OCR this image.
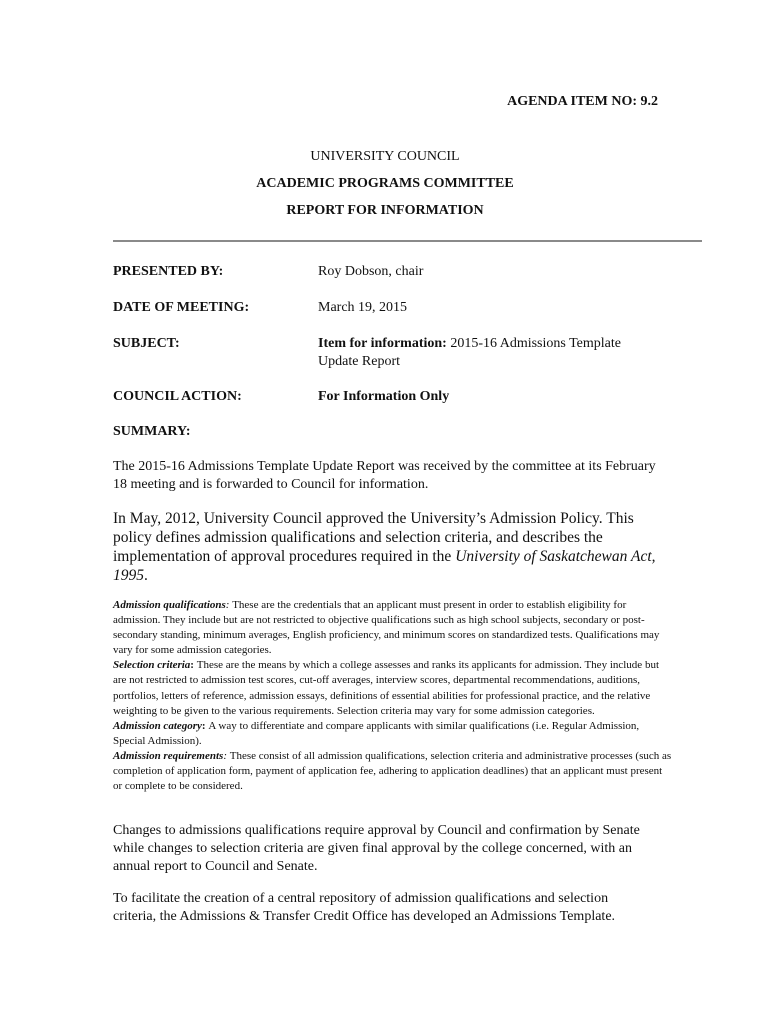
AGENDA ITEM NO: 9.2
UNIVERSITY COUNCIL
ACADEMIC PROGRAMS COMMITTEE
REPORT FOR INFORMATION
PRESENTED BY:	Roy Dobson, chair
DATE OF MEETING:	March 19, 2015
SUBJECT:	Item for information: 2015-16 Admissions Template Update Report
COUNCIL ACTION:	For Information Only
SUMMARY:
The 2015-16 Admissions Template Update Report was received by the committee at its February 18 meeting and is forwarded to Council for information.
In May, 2012, University Council approved the University’s Admission Policy. This policy defines admission qualifications and selection criteria, and describes the implementation of approval procedures required in the University of Saskatchewan Act, 1995.
Admission qualifications: These are the credentials that an applicant must present in order to establish eligibility for admission. They include but are not restricted to objective qualifications such as high school subjects, secondary or post-secondary standing, minimum averages, English proficiency, and minimum scores on standardized tests. Qualifications may vary for some admission categories.
Selection criteria: These are the means by which a college assesses and ranks its applicants for admission. They include but are not restricted to admission test scores, cut-off averages, interview scores, departmental recommendations, auditions, portfolios, letters of reference, admission essays, definitions of essential abilities for professional practice, and the relative weighting to be given to the various requirements. Selection criteria may vary for some admission categories.
Admission category: A way to differentiate and compare applicants with similar qualifications (i.e. Regular Admission, Special Admission).
Admission requirements: These consist of all admission qualifications, selection criteria and administrative processes (such as completion of application form, payment of application fee, adhering to application deadlines) that an applicant must present or complete to be considered.
Changes to admissions qualifications require approval by Council and confirmation by Senate while changes to selection criteria are given final approval by the college concerned, with an annual report to Council and Senate.
To facilitate the creation of a central repository of admission qualifications and selection criteria, the Admissions & Transfer Credit Office has developed an Admissions Template.
